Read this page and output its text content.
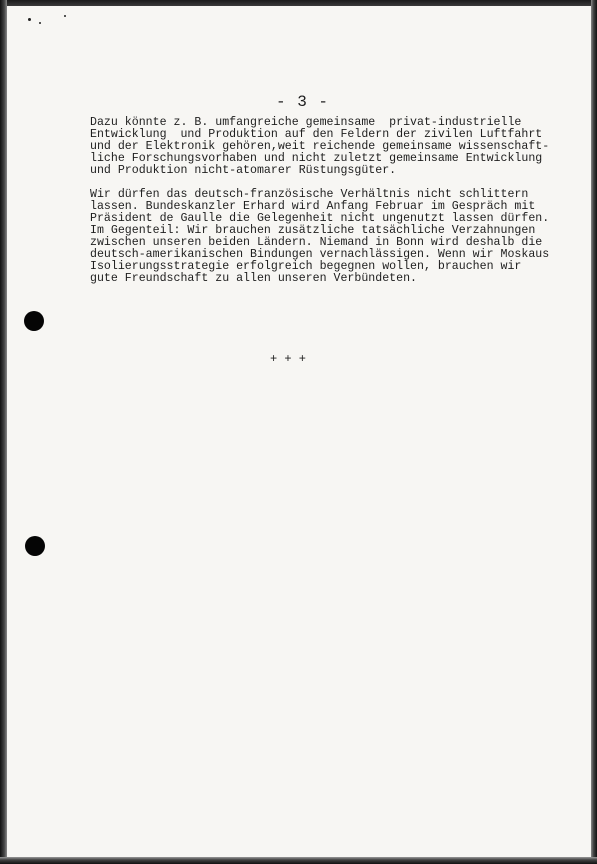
- 3 -

Dazu könnte z. B. umfangreiche gemeinsame  privat-industrielle
Entwicklung  und Produktion auf den Feldern der zivilen Luftfahrt
und der Elektronik gehören,weit reichende gemeinsame wissenschaft-
liche Forschungsvorhaben und nicht zuletzt gemeinsame Entwicklung
und Produktion nicht-atomarer Rüstungsgüter.

Wir dürfen das deutsch-französische Verhältnis nicht schlittern
lassen. Bundeskanzler Erhard wird Anfang Februar im Gespräch mit
Präsident de Gaulle die Gelegenheit nicht ungenutzt lassen dürfen.
Im Gegenteil: Wir brauchen zusätzliche tatsächliche Verzahnungen
zwischen unseren beiden Ländern. Niemand in Bonn wird deshalb die
deutsch-amerikanischen Bindungen vernachlässigen. Wenn wir Moskaus
Isolierungsstrategie erfolgreich begegnen wollen, brauchen wir
gute Freundschaft zu allen unseren Verbündeten.

+ + +
